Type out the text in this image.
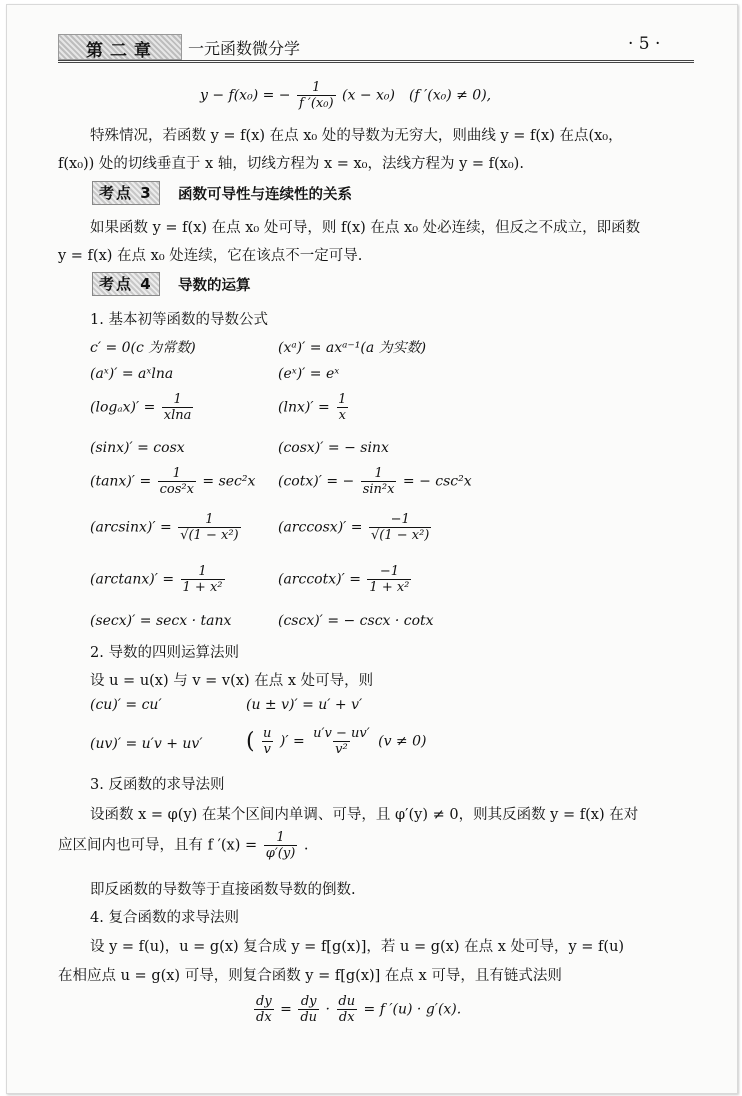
第二章 一元函数微分学	· 5 ·
y − f(x₀) = − $\frac{1}{\text{f ′(x₀)}} (x - x_0)$　(f ′(x₀) ≠ 0),
特殊情况，若函数 y = f(x) 在点 x₀ 处的导数为无穷大，则曲线 y = f(x) 在点(x₀，
f(x₀)) 处的切线垂直于 x 轴，切线方程为 x = x₀，法线方程为 y = f(x₀).
考点 3	函数可导性与连续性的关系
如果函数 y = f(x) 在点 x₀ 处可导，则 f(x) 在点 x₀ 处必连续，但反之不成立，即函数
y = f(x) 在点 x₀ 处连续，它在该点不一定可导.
考点 4	导数的运算
1. 基本初等函数的导数公式
c′ = 0(c 为常数)	(xᵃ)′ = axᵃ⁻¹(a 为实数)
(aˣ)′ = aˣlna	(eˣ)′ = eˣ
$(\log_ax)' = \frac{1}{xlna}$	$(\ln x)' = \frac{1}{x}$
(sinx)′ = cosx	(cosx)′ = − sinx
$(\tan x)' = \frac{1}{\text{cos²x}} = \sec^2x$ (cotx)′ = − $\frac{1}{\text{sin²x}}$ = − csc²x
$(\arcsin x)' = \frac{1}{\text{√(1 − x²)}}$	$(\arccos x)' = \frac{-1}{\text{√(1 − x²)}}$
$(\arctan x)' = \frac{1}{\text{1 + x²}}$	$(arccotx)' = \frac{-1}{\text{1 + x²}}$
(secx)′ = secx · tanx	(cscx)′ = − cscx · cotx
2. 导数的四则运算法则
设 u = u(x) 与 v = v(x) 在点 x 处可导，则
(cu)′ = cu′	(u ± v)′ = u′ + v′
(uv)′ = u′v + uv′ ( $\frac{u}{v}$ )′ = $\frac{u'v - uv'}{\text{v²}} (v \ne 0)$
3. 反函数的求导法则
设函数 x = φ(y) 在某个区间内单调、可导，且 φ′(y) ≠ 0，则其反函数 y = f(x) 在对
应区间内也可导，且有 f $'(x) = \frac{1}{\varphi'(y)}$ .
即反函数的导数等于直接函数导数的倒数.
4. 复合函数的求导法则
设 y = f(u)，u = g(x) 复合成 y = f[g(x)]，若 u = g(x) 在点 x 处可导，y = f(u)
在相应点 u = g(x) 可导，则复合函数 y = f[g(x)] 在点 x 可导，且有链式法则
$\frac{dy}{dx} = \frac{dy}{du} \cdot \frac{du}{dx} = f$ ′(u) · g′(x).
